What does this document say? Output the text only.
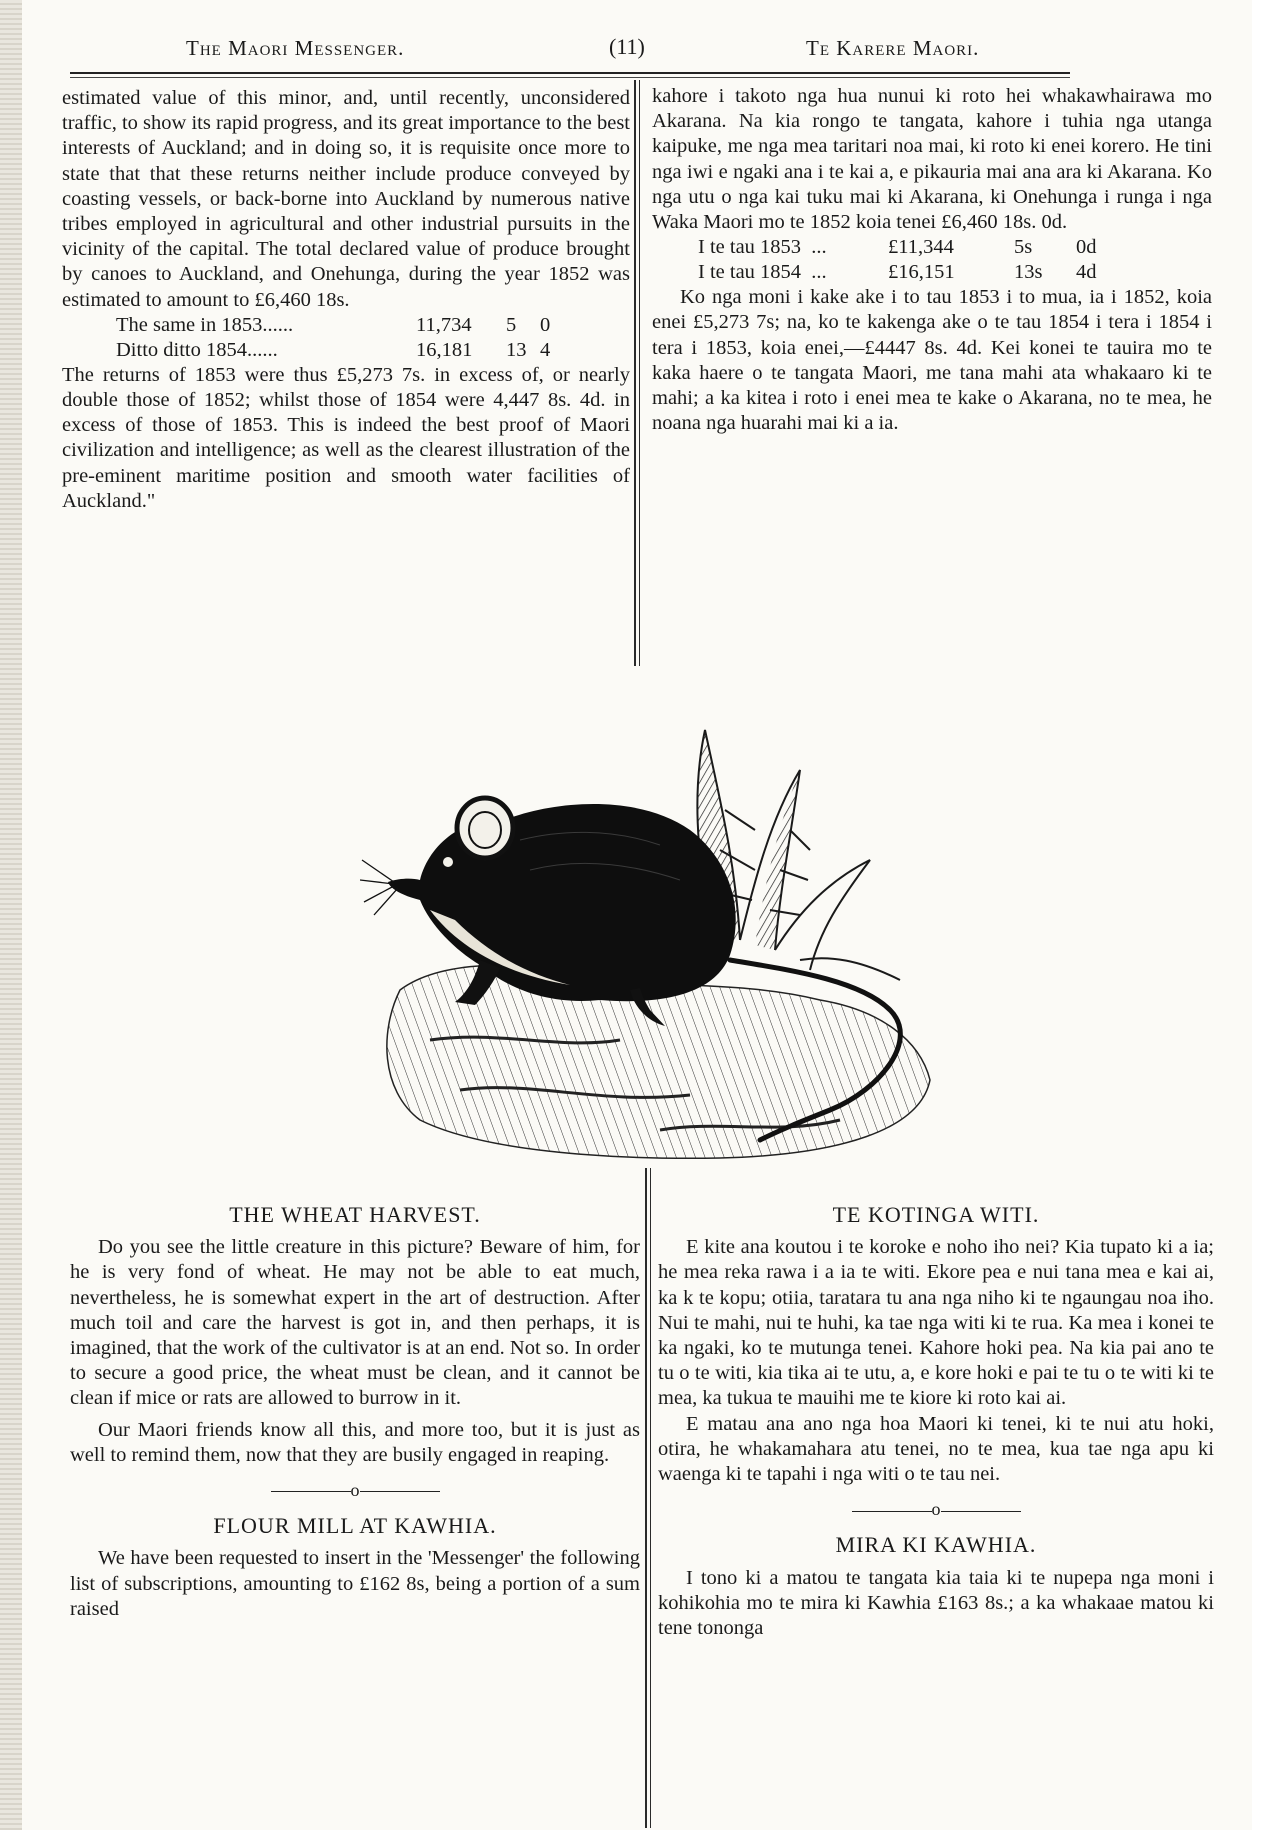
The Maori Messenger.	(11)	Te Karere Maori.

estimated value of this minor, and, until recently, unconsidered traffic, to show its rapid progress, and its great importance to the best interests of Auckland; and in doing so, it is requisite once more to state that that these returns neither include produce conveyed by coasting vessels, or back-borne into Auckland by numerous native tribes employed in agricultural and other industrial pursuits in the vicinity of the capital. The total declared value of produce brought by canoes to Auckland, and Onehunga, during the year 1852 was estimated to amount to £6,460 18s.

The same in 1853......	11,734	5	0
Ditto ditto 1854......	16,181	13 4

The returns of 1853 were thus £5,273 7s. in excess of, or nearly double those of 1852; whilst those of 1854 were 4,447 8s. 4d. in excess of those of 1853. This is indeed the best proof of Maori civilization and intelligence; as well as the clearest illustration of the pre-eminent maritime position and smooth water facilities of Auckland."

kahore i takoto nga hua nunui ki roto hei whakawhairawa mo Akarana. Na kia rongo te tangata, kahore i tuhia nga utanga kaipuke, me nga mea taritari noa mai, ki roto ki enei korero. He tini nga iwi e ngaki ana i te kai a, e pikauria mai ana ara ki Akarana. Ko nga utu o nga kai tuku mai ki Akarana, ki Onehunga i runga i nga Waka Maori mo te 1852 koia tenei £6,460 18s. 0d.

I te tau 1853 ...	£11,344	5s	0d
I te tau 1854 ...	£16,151	13s	4d

Ko nga moni i kake ake i to tau 1853 i to mua, ia i 1852, koia enei £5,273 7s; na, ko te kakenga ake o te tau 1854 i tera i 1854 i tera i 1853, koia enei,—£4447 8s. 4d. Kei konei te tauira mo te kaka haere o te tangata Maori, me tana mahi ata whakaaro ki te mahi; a ka kitea i roto i enei mea te kake o Akarana, no te mea, he noana nga huarahi mai ki a ia.

THE WHEAT HARVEST.

Do you see the little creature in this picture? Beware of him, for he is very fond of wheat. He may not be able to eat much, nevertheless, he is somewhat expert in the art of destruction. After much toil and care the harvest is got in, and then perhaps, it is imagined, that the work of the cultivator is at an end. Not so. In order to secure a good price, the wheat must be clean, and it cannot be clean if mice or rats are allowed to burrow in it.

Our Maori friends know all this, and more too, but it is just as well to remind them, now that they are busily engaged in reaping.

o
FLOUR MILL AT KAWHIA.

We have been requested to insert in the 'Messenger' the following list of subscriptions, amounting to £162 8s, being a portion of a sum raised

TE KOTINGA WITI.

E kite ana koutou i te koroke e noho iho nei? Kia tupato ki a ia; he mea reka rawa i a ia te witi. Ekore pea e nui tana mea e kai ai, ka k te kopu; otiia, taratara tu ana nga niho ki te ngaungau noa iho. Nui te mahi, nui te huhi, ka tae nga witi ki te rua. Ka mea i konei te ka ngaki, ko te mutunga tenei. Kahore hoki pea. Na kia pai ano te tu o te witi, kia tika ai te utu, a, e kore hoki e pai te tu o te witi ki te mea, ka tukua te mauihi me te kiore ki roto kai ai.

E matau ana ano nga hoa Maori ki tenei, ki te nui atu hoki, otira, he whakamahara atu tenei, no te mea, kua tae nga apu ki waenga ki te tapahi i nga witi o te tau nei.

o
MIRA KI KAWHIA.

I tono ki a matou te tangata kia taia ki te nupepa nga moni i kohikohia mo te mira ki Kawhia £163 8s.; a ka whakaae matou ki tene tononga
